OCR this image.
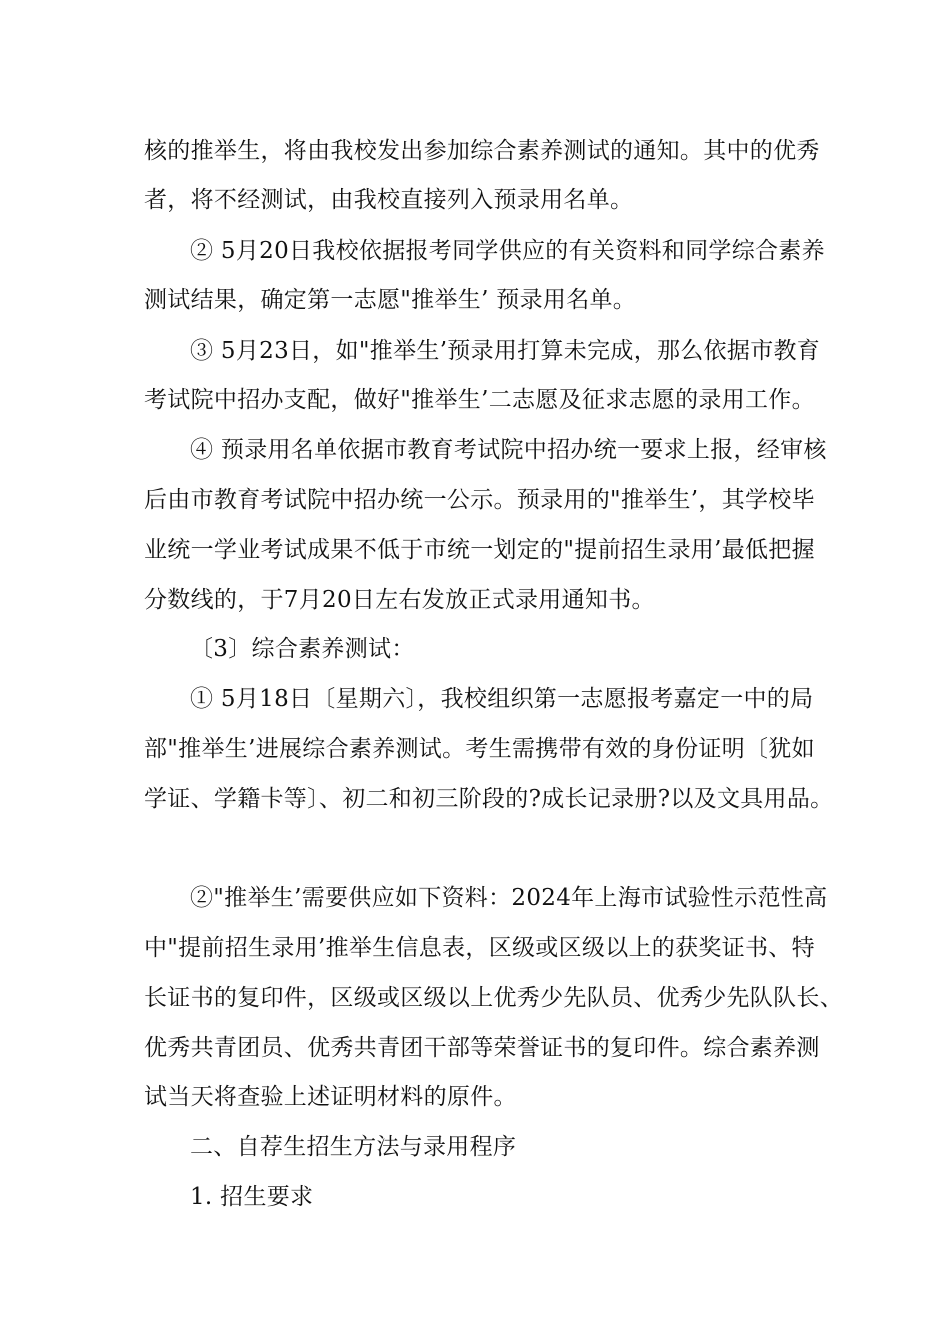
核的推举生，将由我校发出参加综合素养测试的通知。其中的优秀
者，将不经测试，由我校直接列入预录用名单。
② 5月20日我校依据报考同学供应的有关资料和同学综合素养
测试结果，确定第一志愿"推举生’ 预录用名单。
③ 5月23日，如"推举生’预录用打算未完成，那么依据市教育
考试院中招办支配，做好"推举生’二志愿及征求志愿的录用工作。
④ 预录用名单依据市教育考试院中招办统一要求上报，经审核
后由市教育考试院中招办统一公示。预录用的"推举生’，其学校毕
业统一学业考试成果不低于市统一划定的"提前招生录用’最低把握
分数线的，于7月20日左右发放正式录用通知书。
〔3〕综合素养测试：
① 5月18日〔星期六〕，我校组织第一志愿报考嘉定一中的局
部"推举生’进展综合素养测试。考生需携带有效的身份证明〔犹如
学证、学籍卡等〕、初二和初三阶段的?成长记录册?以及文具用品。
②"推举生’需要供应如下资料：2024年上海市试验性示范性高
中"提前招生录用’推举生信息表，区级或区级以上的获奖证书、特
长证书的复印件，区级或区级以上优秀少先队员、优秀少先队队长、
优秀共青团员、优秀共青团干部等荣誉证书的复印件。综合素养测
试当天将查验上述证明材料的原件。
二、自荐生招生方法与录用程序
1. 招生要求
